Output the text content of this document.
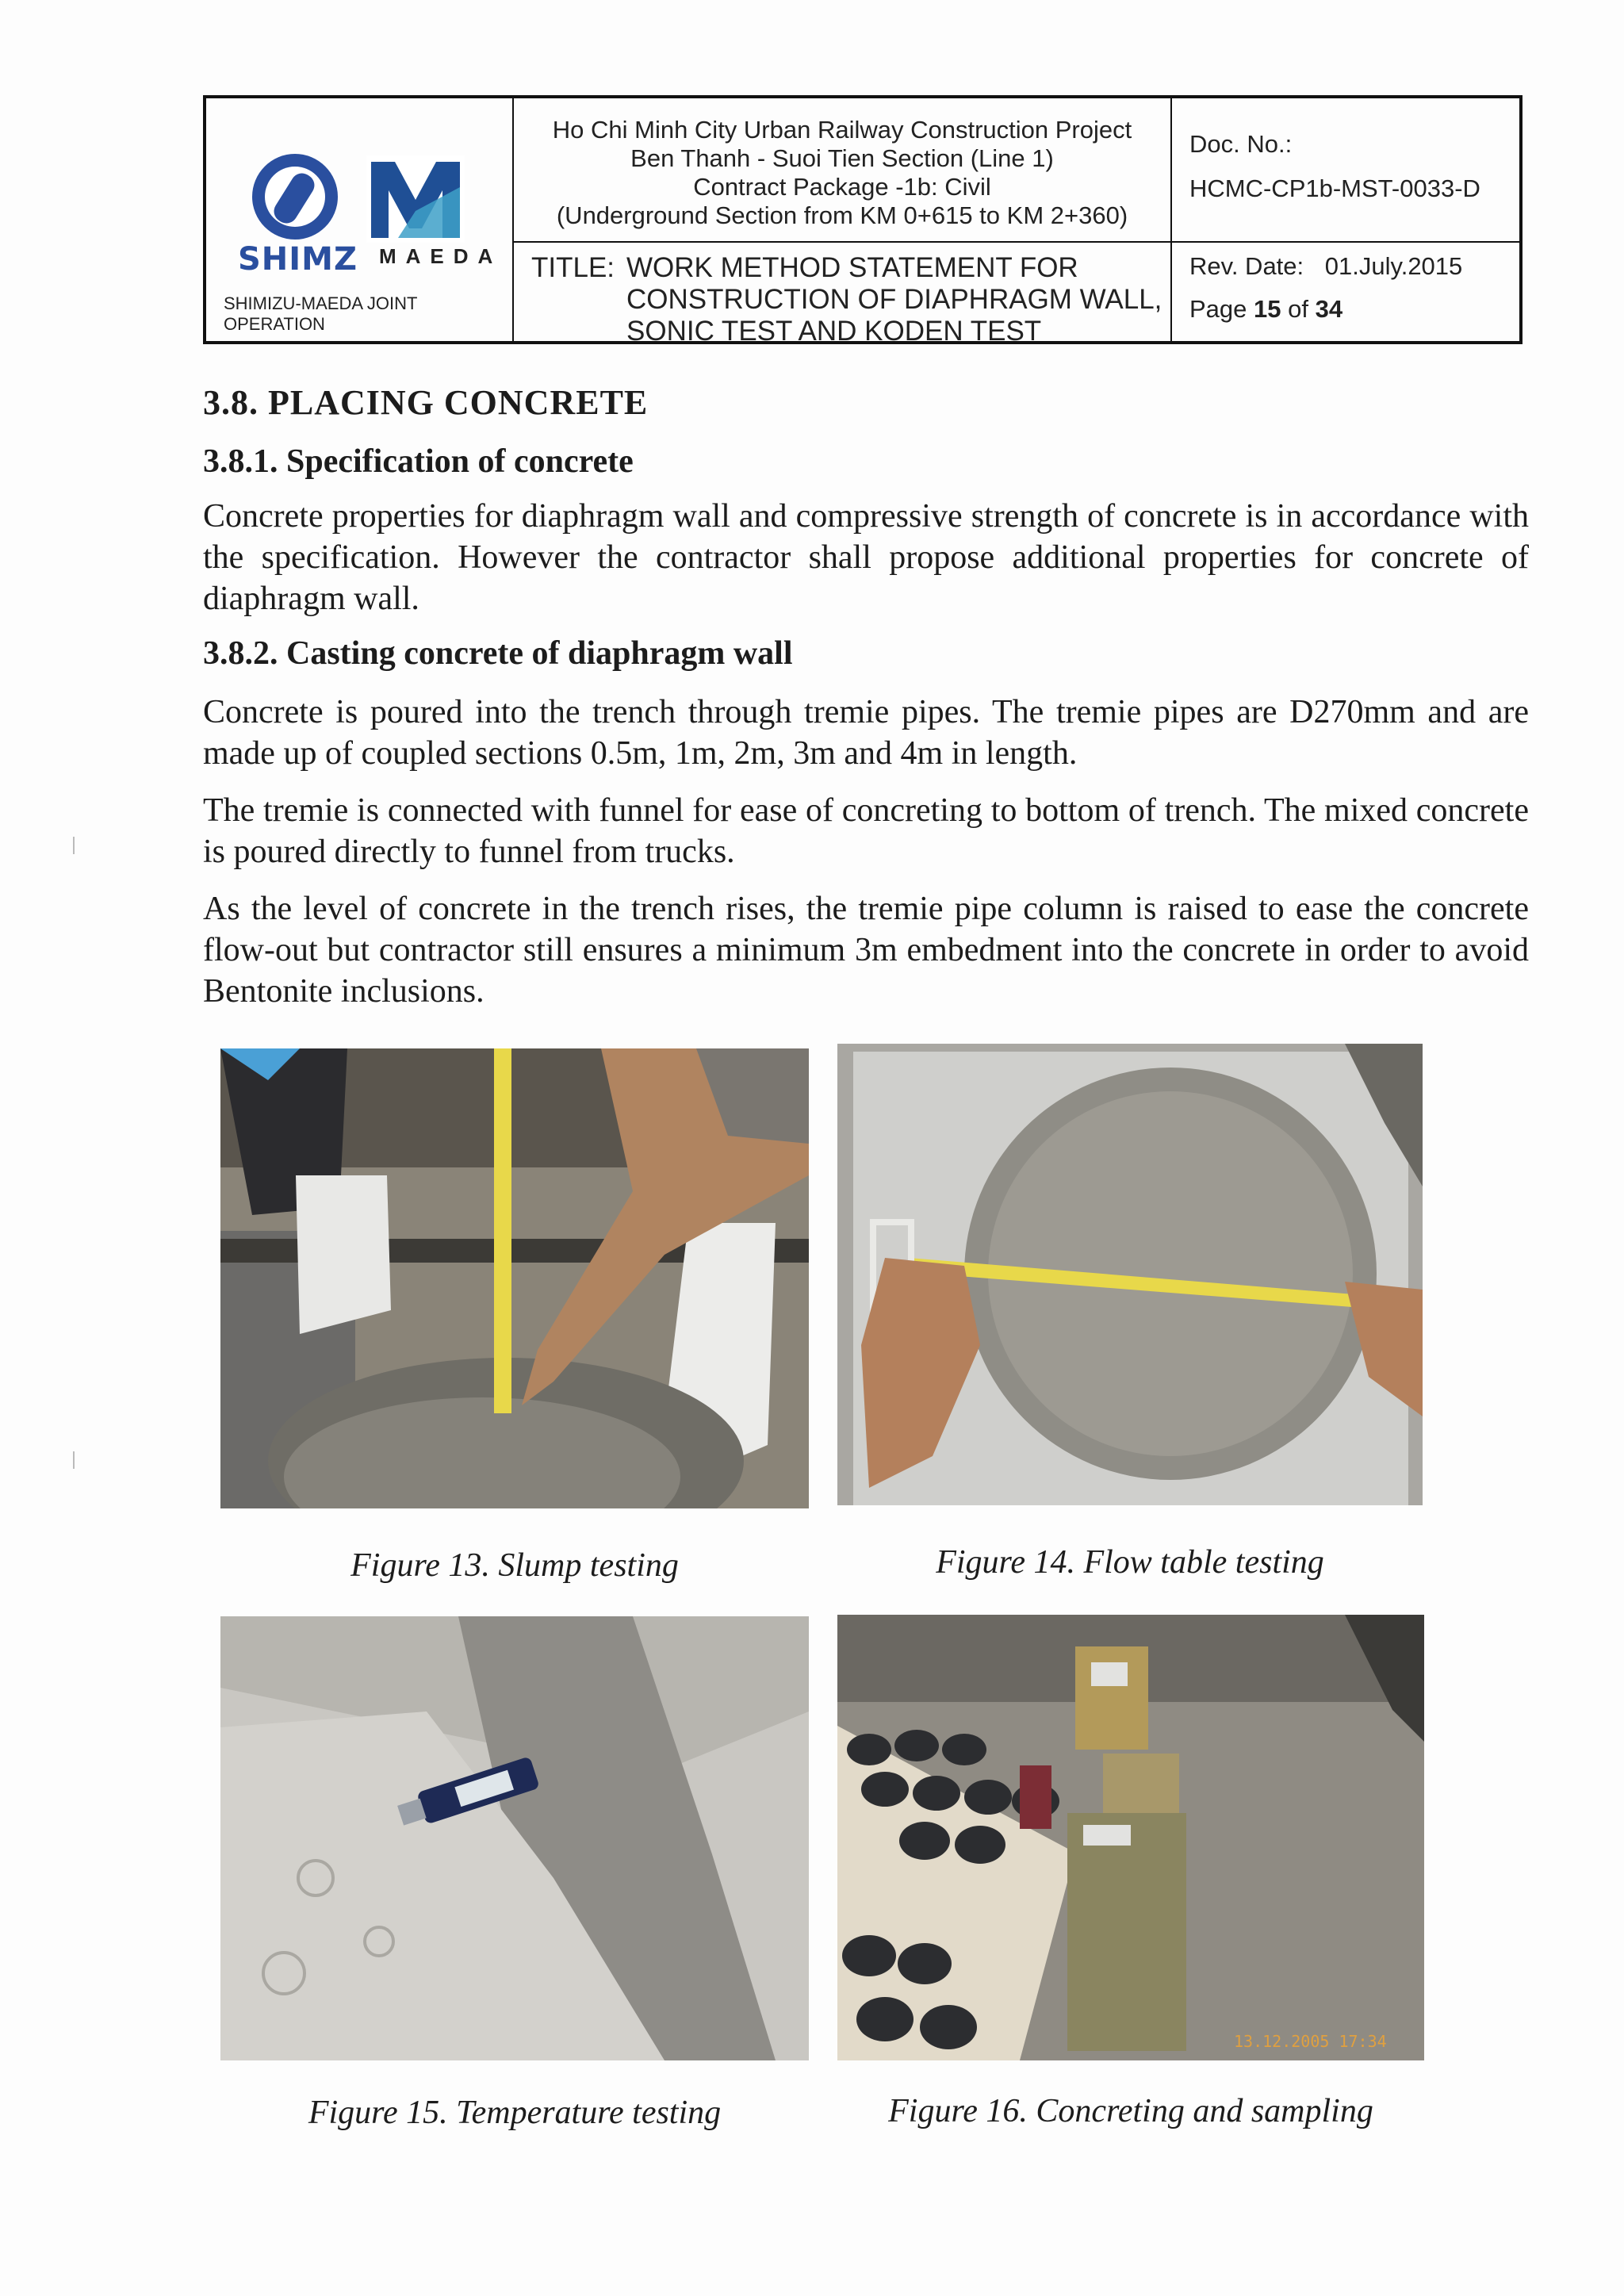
SHIMZ MAEDA
SHIMIZU-MAEDA JOINT OPERATION
Ho Chi Minh City Urban Railway Construction Project
Ben Thanh - Suoi Tien Section (Line 1)
Contract Package -1b: Civil
(Underground Section from KM 0+615 to KM 2+360)
TITLE: WORK METHOD STATEMENT FOR
CONSTRUCTION OF DIAPHRAGM WALL,
SONIC TEST AND KODEN TEST
Doc. No.:
HCMC-CP1b-MST-0033-D
Rev. Date: 01.July.2015
Page 15 of 34
3.8. PLACING CONCRETE
3.8.1. Specification of concrete
Concrete properties for diaphragm wall and compressive strength of concrete is in accordance with the specification. However the contractor shall propose additional properties for concrete of diaphragm wall.
3.8.2. Casting concrete of diaphragm wall
Concrete is poured into the trench through tremie pipes. The tremie pipes are D270mm and are made up of coupled sections 0.5m, 1m, 2m, 3m and 4m in length.
The tremie is connected with funnel for ease of concreting to bottom of trench. The mixed concrete is poured directly to funnel from trucks.
As the level of concrete in the trench rises, the tremie pipe column is raised to ease the concrete flow-out but contractor still ensures a minimum 3m embedment into the concrete in order to avoid Bentonite inclusions.
13.12.2005 17:34
Figure 13. Slump testing	Figure 14. Flow table testing
Figure 15. Temperature testing	Figure 16. Concreting and sampling
